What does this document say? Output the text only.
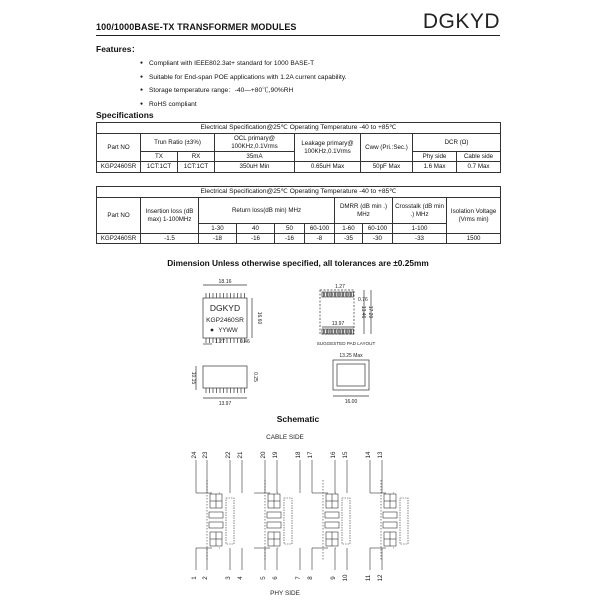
100/1000BASE-TX TRANSFORMER MODULES	DGKYD
Features：
● Compliant with IEEE802.3at+ standard for 1000 BASE-T
● Suitable for End-span POE applications with 1.2A current capability.
● Storage temperature range：-40—+80℃,90%RH
● RoHS compliant
Specifications
Electrical Specification@25℃ Operating Temperature -40 to +85℃							
Part NO	Trun Ratio (±3%)		OCL primary@ 100KHz,0.1Vrms	Leakage primary@ 100KHz,0.1Vrms	Cww (Pri.:Sec.)	DCR (Ω)	
	TX	RX	35mA			Phy side	Cable side
KGP2460SR	1CT:1CT	1CT:1CT	350uH Min	0.65uH Max	50pF Max	1.6 Max	0.7 Max
Electrical Specification@25℃ Operating Temperature -40 to +85℃									
Part NO	Insertion loss (dB max) 1-100MHz	Return loss(dB min) MHz				DMRR (dB min .) MHz		Crosstalk (dB min .) MHz	Isolation Voltage (Vrms min)
		1-30	40	50	60-100	1-60	60-100	1-100	
KGP2460SR	-1.5	-18	-16	-16	-8	-35	-30	-33	1500
Dimension Unless otherwise specified, all tolerances are ±0.25mm
Schematic
18.16
DGKYD
KGP2460SR
YYWW
16.60
1.27	0.46
10.15	0.25
13.97
1.27
0.76
13.46 17.20
13.97
SUGGESTED PAD LAYOUT
13.25 Max
16.00
CABLE SIDE
PHY SIDE
24
1
23
2
22
3
21
4
20
5
19
6
18
7
17
8
16
9
15
10
14
11
13
12
